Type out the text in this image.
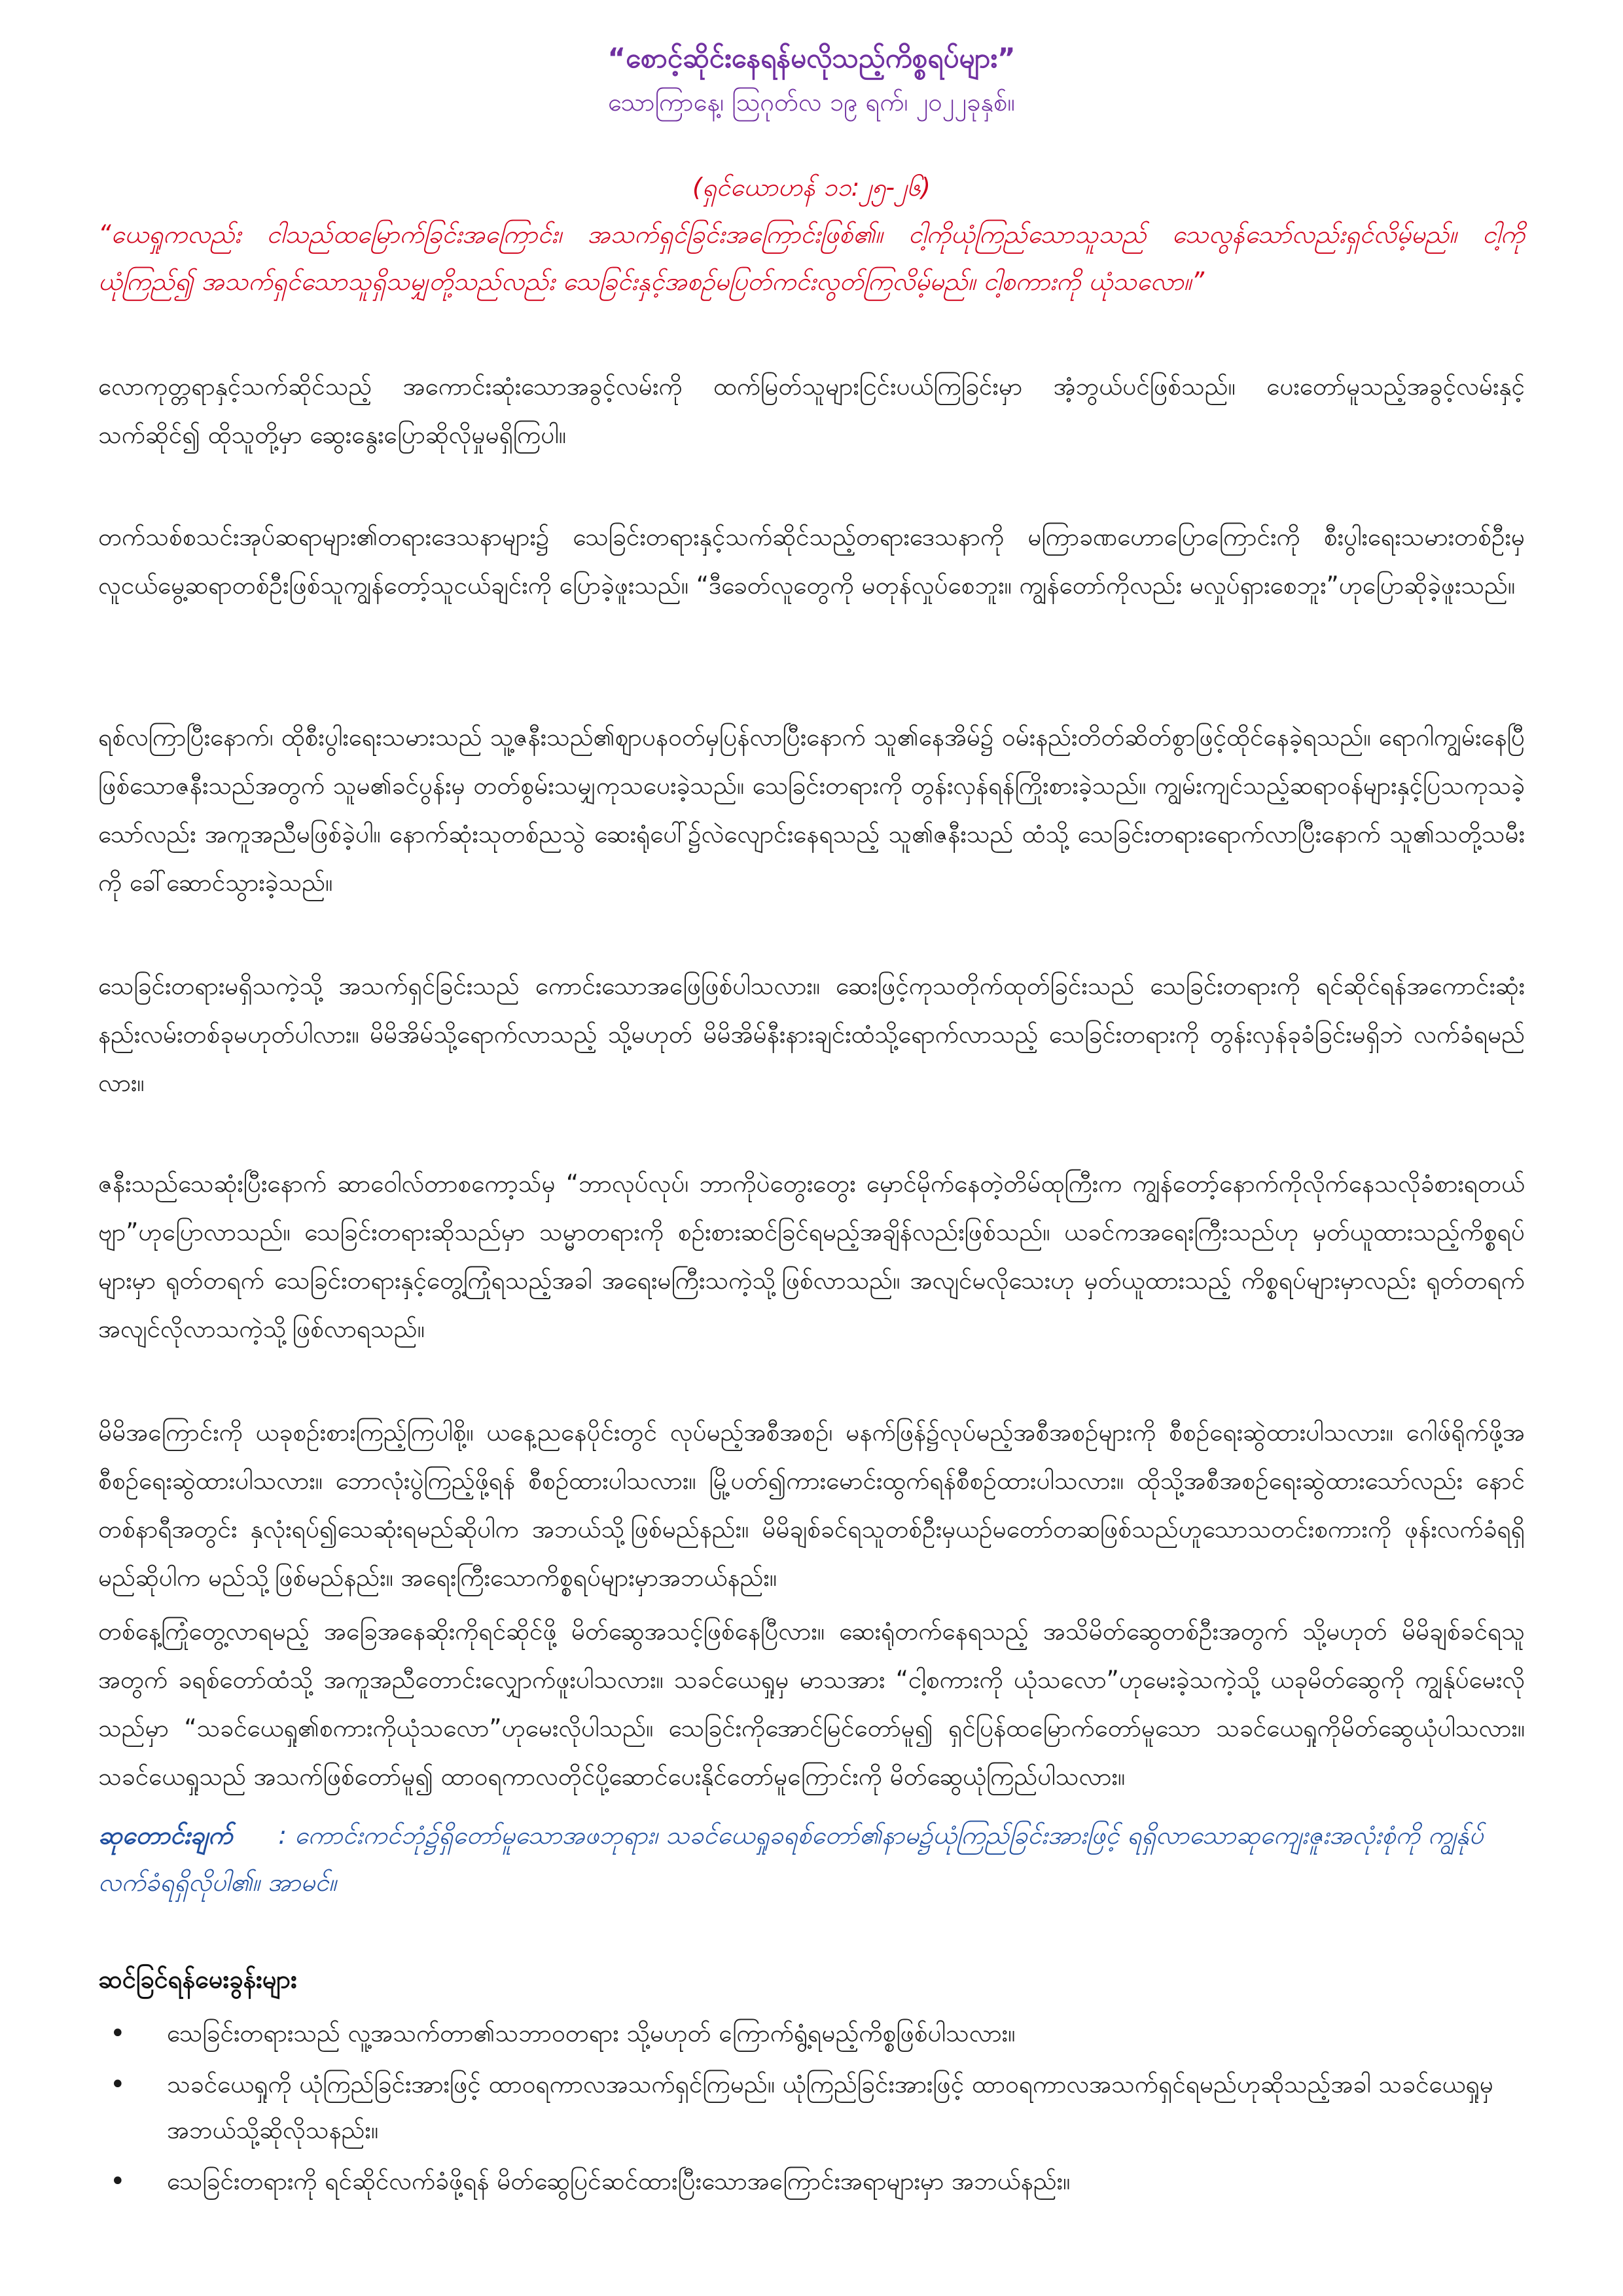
“စောင့်ဆိုင်းနေရန်မလိုသည့်ကိစ္စရပ်များ”
သောကြာနေ့၊ ဩဂုတ်လ ၁၉ ရက်၊ ၂၀၂၂ခုနှစ်။
(ရှင်ယောဟန် ၁၁:၂၅-၂၆)
“ယေရှုကလည်း ငါသည်ထမြောက်ခြင်းအကြောင်း၊ အသက်ရှင်ခြင်းအကြောင်းဖြစ်၏။ ငါ့ကိုယုံကြည်သောသူသည် သေလွန်သော်လည်းရှင်လိမ့်မည်။ ငါ့ကိုယုံကြည်၍ အသက်ရှင်သောသူရှိသမျှတို့သည်လည်း သေခြင်းနှင့်အစဉ်မပြတ်ကင်းလွတ်ကြလိမ့်မည်။ ငါ့စကားကို ယုံသလော။”

လောကုတ္တရာနှင့်သက်ဆိုင်သည့် အကောင်းဆုံးသောအခွင့်လမ်းကို ထက်မြတ်သူများငြင်းပယ်ကြခြင်းမှာ အံ့ဘွယ်ပင်ဖြစ်သည်။ ပေးတော်မူသည့်အခွင့်လမ်းနှင့်သက်ဆိုင်၍ ထိုသူတို့မှာ ဆွေးနွေးပြောဆိုလိုမှုမရှိကြပါ။

တက်သစ်စသင်းအုပ်ဆရာများ၏တရားဒေသနာများ၌ သေခြင်းတရားနှင့်သက်ဆိုင်သည့်တရားဒေသနာကို မကြာခဏဟောပြောကြောင်းကို စီးပွါးရေးသမားတစ်ဦးမှ လူငယ်မွေ့ဆရာတစ်ဦးဖြစ်သူကျွန်တော့်သူငယ်ချင်းကို ပြောခဲ့ဖူးသည်။ “ဒီခေတ်လူတွေကို မတုန်လှုပ်စေဘူး။ ကျွန်တော်ကိုလည်း မလှုပ်ရှားစေဘူး”ဟုပြောဆိုခဲ့ဖူးသည်။

ရစ်လကြာပြီးနောက်၊ ထိုစီးပွါးရေးသမားသည် သူ့ဇနီးသည်၏ဈာပနဝတ်မှပြန်လာပြီးနောက် သူ၏နေအိမ်၌ ဝမ်းနည်းတိတ်ဆိတ်စွာဖြင့်ထိုင်နေခဲ့ရသည်။ ရောဂါကျွမ်းနေပြီဖြစ်သောဇနီးသည်အတွက် သူမ၏ခင်ပွန်းမှ တတ်စွမ်းသမျှကုသပေးခဲ့သည်။ သေခြင်းတရားကို တွန်းလှန်ရန်ကြိုးစားခဲ့သည်။ ကျွမ်းကျင်သည့်ဆရာဝန်များနှင့်ပြသကုသခဲ့သော်လည်း အကူအညီမဖြစ်ခဲ့ပါ။ နောက်ဆုံးသုတစ်ညသွဲ ဆေးရုံပေါ်၌လဲလျောင်းနေရသည့် သူ၏ဇနီးသည် ထံသို့ သေခြင်းတရားရောက်လာပြီးနောက် သူ၏သတို့သမီးကို ခေါ်ဆောင်သွားခဲ့သည်။

သေခြင်းတရားမရှိသကဲ့သို့ အသက်ရှင်ခြင်းသည် ကောင်းသောအဖြေဖြစ်ပါသလား။ ဆေးဖြင့်ကုသတိုက်ထုတ်ခြင်းသည် သေခြင်းတရားကို ရင်ဆိုင်ရန်အကောင်းဆုံးနည်းလမ်းတစ်ခုမဟုတ်ပါလား။ မိမိအိမ်သို့ရောက်လာသည့် သို့မဟုတ် မိမိအိမ်နီးနားချင်းထံသို့ရောက်လာသည့် သေခြင်းတရားကို တွန်းလှန်ခုခံခြင်းမရှိဘဲ လက်ခံရမည်လား။

ဇနီးသည်သေဆုံးပြီးနောက် ဆာဝေါလ်တာစကော့သ်မှ “ဘာလုပ်လုပ်၊ ဘာကိုပဲတွေးတွေး မှောင်မိုက်နေတဲ့တိမ်ထုကြီးက ကျွန်တော့်နောက်ကိုလိုက်နေသလိုခံစားရတယ်ဗျာ”ဟုပြောလာသည်။ သေခြင်းတရားဆိုသည်မှာ သမ္မာတရားကို စဉ်းစားဆင်ခြင်ရမည့်အချိန်လည်းဖြစ်သည်။ ယခင်ကအရေးကြီးသည်ဟု မှတ်ယူထားသည့်ကိစ္စရပ်များမှာ ရုတ်တရက် သေခြင်းတရားနှင့်တွေ့ကြုံရသည့်အခါ အရေးမကြီးသကဲ့သို့ဖြစ်လာသည်။ အလျင်မလိုသေးဟု မှတ်ယူထားသည့် ကိစ္စရပ်များမှာလည်း ရုတ်တရက်အလျင်လိုလာသကဲ့သို့ဖြစ်လာရသည်။

မိမိအကြောင်းကို ယခုစဉ်းစားကြည့်ကြပါစို့။ ယနေ့ညနေပိုင်းတွင် လုပ်မည့်အစီအစဉ်၊ မနက်ဖြန်၌လုပ်မည့်အစီအစဉ်များကို စီစဉ်ရေးဆွဲထားပါသလား။ ဂေါဖ်ရိုက်ဖို့အစီစဉ်ရေးဆွဲထားပါသလား။ ဘောလုံးပွဲကြည့်ဖို့ရန် စီစဉ်ထားပါသလား။ မြို့ပတ်၍ကားမောင်းထွက်ရန်စီစဉ်ထားပါသလား။ ထိုသို့အစီအစဉ်ရေးဆွဲထားသော်လည်း နောင်တစ်နာရီအတွင်း နှလုံးရပ်၍သေဆုံးရမည်ဆိုပါက အဘယ်သို့ဖြစ်မည်နည်း။ မိမိချစ်ခင်ရသူတစ်ဦးမှယဉ်မတော်တဆဖြစ်သည်ဟူသောသတင်းစကားကို ဖုန်းလက်ခံရရှိမည်ဆိုပါက မည်သို့ဖြစ်မည်နည်း။ အရေးကြီးသောကိစ္စရပ်များမှာအဘယ်နည်း။

တစ်နေ့ကြုံတွေ့လာရမည့် အခြေအနေဆိုးကိုရင်ဆိုင်ဖို့ မိတ်ဆွေအသင့်ဖြစ်နေပြီလား။ ဆေးရုံတက်နေရသည့် အသိမိတ်ဆွေတစ်ဦးအတွက် သို့မဟုတ် မိမိချစ်ခင်ရသူအတွက် ခရစ်တော်ထံသို့ အကူအညီတောင်းလျှောက်ဖူးပါသလား။ သခင်ယေရှုမှ မာသအား “ငါ့စကားကို ယုံသလော”ဟုမေးခဲ့သကဲ့သို့ ယခုမိတ်ဆွေကို ကျွန်ုပ်မေးလိုသည်မှာ “သခင်ယေရှု၏စကားကိုယုံသလော”ဟုမေးလိုပါသည်။ သေခြင်းကိုအောင်မြင်တော်မူ၍ ရှင်ပြန်ထမြောက်တော်မူသော သခင်ယေရှုကိုမိတ်ဆွေယုံပါသလား။ သခင်ယေရှုသည် အသက်ဖြစ်တော်မူ၍ ထာဝရကာလတိုင်ပို့ဆောင်ပေးနိုင်တော်မူကြောင်းကို မိတ်ဆွေယုံကြည်ပါသလား။

ဆုတောင်းချက် : ကောင်းကင်ဘုံ၌ရှိတော်မူသောအဖဘုရား၊ သခင်ယေရှုခရစ်တော်၏နာမ၌ယုံကြည်ခြင်းအားဖြင့် ရရှိလာသောဆုကျေးဇူးအလုံးစုံကို ကျွန်ုပ်လက်ခံရရှိလိုပါ၏။ အာမင်။
ဆင်ခြင်ရန်မေးခွန်းများ
• သေခြင်းတရားသည် လူ့အသက်တာ၏သဘာဝတရား သို့မဟုတ် ကြောက်ရွံ့ရမည့်ကိစ္စဖြစ်ပါသလား။
• သခင်ယေရှုကို ယုံကြည်ခြင်းအားဖြင့် ထာဝရကာလအသက်ရှင်ကြမည်။ ယုံကြည်ခြင်းအားဖြင့် ထာဝရကာလအသက်ရှင်ရမည်ဟုဆိုသည့်အခါ သခင်ယေရှုမှ အဘယ်သို့ဆိုလိုသနည်း။
• သေခြင်းတရားကို ရင်ဆိုင်လက်ခံဖို့ရန် မိတ်ဆွေပြင်ဆင်ထားပြီးသောအကြောင်းအရာများမှာ အဘယ်နည်း။
